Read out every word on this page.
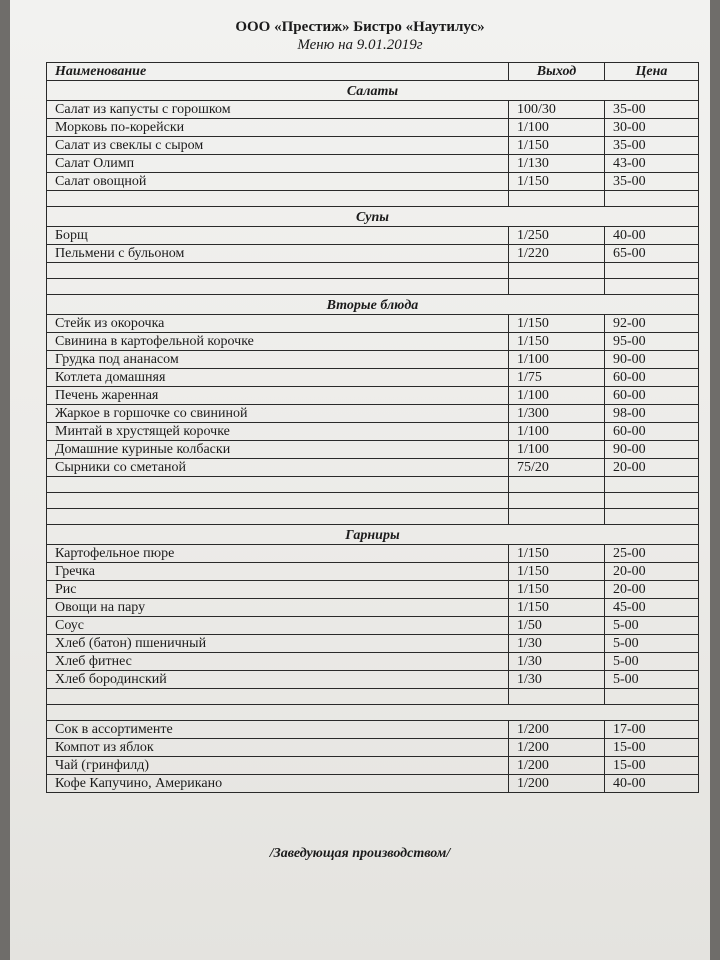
ООО «Престиж» Бистро «Наутилус»
Меню на 9.01.2019г
Наименование	Выход	Цена
Салаты		
Салат из капусты с горошком	100/30	35-00
Морковь по-корейски	1/100	30-00
Салат из свеклы с сыром	1/150	35-00
Салат Олимп	1/130	43-00
Салат овощной	1/150	35-00

Супы		
Борщ	1/250	40-00
Пельмени с бульоном	1/220	65-00

Вторые блюда		
Стейк из окорочка	1/150	92-00
Свинина в картофельной корочке	1/150	95-00
Грудка под ананасом	1/100	90-00
Котлета домашняя	1/75	60-00
Печень жаренная	1/100	60-00
Жаркое в горшочке со свининой	1/300	98-00
Минтай в хрустящей корочке	1/100	60-00
Домашние куриные колбаски	1/100	90-00
Сырники со сметаной	75/20	20-00

Гарниры		
Картофельное пюре	1/150	25-00
Гречка	1/150	20-00
Рис	1/150	20-00
Овощи на пару	1/150	45-00
Соус	1/50	5-00
Хлеб (батон) пшеничный	1/30	5-00
Хлеб фитнес	1/30	5-00
Хлеб бородинский	1/30	5-00

Сок в ассортименте	1/200	17-00
Компот из яблок	1/200	15-00
Чай (гринфилд)	1/200	15-00
Кофе Капучино, Американо	1/200	40-00
/Заведующая производством/
